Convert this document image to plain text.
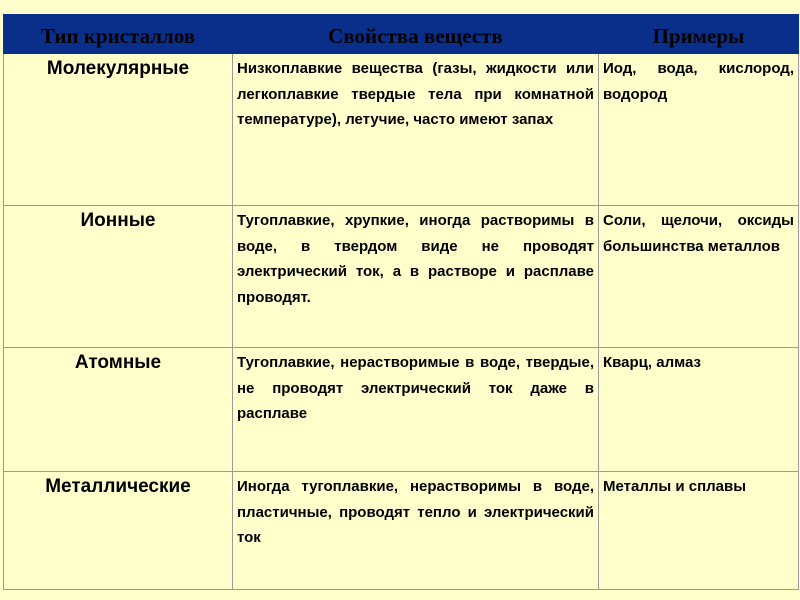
Тип кристаллов	Свойства веществ	Примеры
Молекулярные	Низкоплавкие вещества (газы, жидкости или легкоплавкие твердые тела при комнатной температуре), летучие, часто имеют запах	Иод, вода, кислород, водород
Ионные	Тугоплавкие, хрупкие, иногда растворимы в воде, в твердом виде не проводят электрический ток, а в растворе и расплаве проводят.	Соли, щелочи, оксиды большинства металлов
Атомные	Тугоплавкие, нерастворимые в воде, твердые, не проводят электрический ток даже в расплаве	Кварц, алмаз
Металлические	Иногда тугоплавкие, нерастворимы в воде, пластичные, проводят тепло и электрический ток	Металлы и сплавы
